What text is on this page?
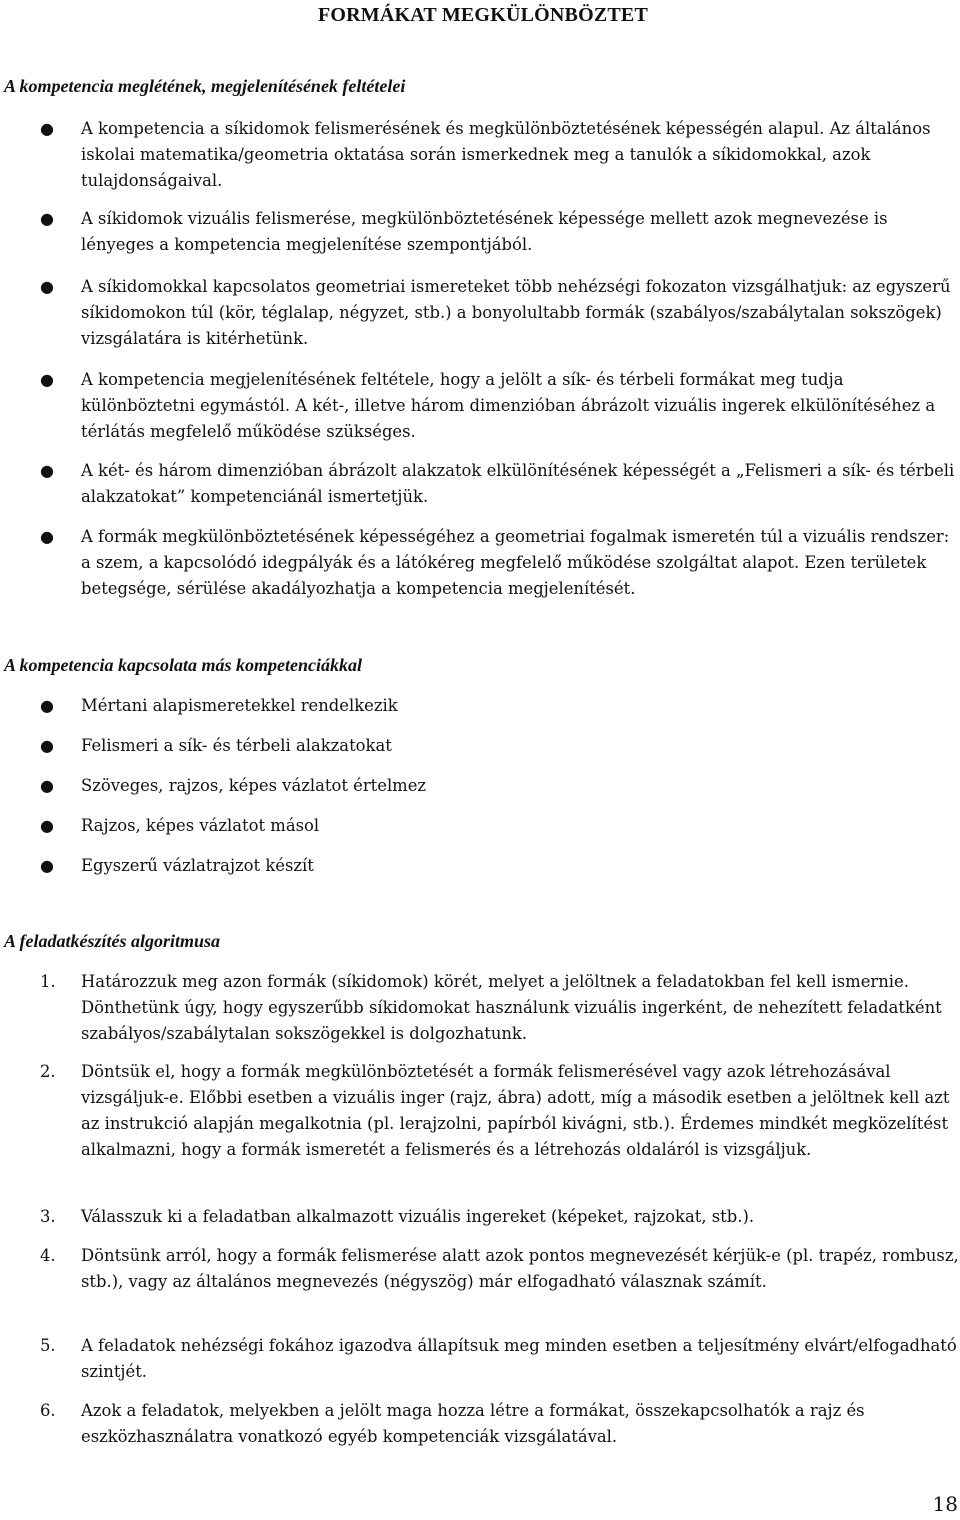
FORMÁKAT MEGKÜLÖNBÖZTET
A kompetencia meglétének, megjelenítésének feltételei
● A kompetencia a síkidomok felismerésének és megkülönböztetésének képességén alapul. Az általános iskolai matematika/geometria oktatása során ismerkednek meg a tanulók a síkidomokkal, azok tulajdonságaival.
● A síkidomok vizuális felismerése, megkülönböztetésének képessége mellett azok megnevezése is lényeges a kompetencia megjelenítése szempontjából.
● A síkidomokkal kapcsolatos geometriai ismereteket több nehézségi fokozaton vizsgálhatjuk: az egyszerű síkidomokon túl (kör, téglalap, négyzet, stb.) a bonyolultabb formák (szabályos/szabálytalan sokszögek) vizsgálatára is kitérhetünk.
● A kompetencia megjelenítésének feltétele, hogy a jelölt a sík- és térbeli formákat meg tudja különböztetni egymástól. A két-, illetve három dimenzióban ábrázolt vizuális ingerek elkülönítéséhez a térlátás megfelelő működése szükséges.
● A két- és három dimenzióban ábrázolt alakzatok elkülönítésének képességét a „Felismeri a sík- és térbeli alakzatokat” kompetenciánál ismertetjük.
● A formák megkülönböztetésének képességéhez a geometriai fogalmak ismeretén túl a vizuális rendszer: a szem, a kapcsolódó idegpályák és a látókéreg megfelelő működése szolgáltat alapot. Ezen területek betegsége, sérülése akadályozhatja a kompetencia megjelenítését.
A kompetencia kapcsolata más kompetenciákkal
● Mértani alapismeretekkel rendelkezik
● Felismeri a sík- és térbeli alakzatokat
● Szöveges, rajzos, képes vázlatot értelmez
● Rajzos, képes vázlatot másol
● Egyszerű vázlatrajzot készít
A feladatkészítés algoritmusa
1. Határozzuk meg azon formák (síkidomok) körét, melyet a jelöltnek a feladatokban fel kell ismernie. Dönthetünk úgy, hogy egyszerűbb síkidomokat használunk vizuális ingerként, de nehezített feladatként szabályos/szabálytalan sokszögekkel is dolgozhatunk.
2. Döntsük el, hogy a formák megkülönböztetését a formák felismerésével vagy azok létrehozásával vizsgáljuk-e. Előbbi esetben a vizuális inger (rajz, ábra) adott, míg a második esetben a jelöltnek kell azt az instrukció alapján megalkotnia (pl. lerajzolni, papírból kivágni, stb.). Érdemes mindkét megközelítést alkalmazni, hogy a formák ismeretét a felismerés és a létrehozás oldaláról is vizsgáljuk.
3. Válasszuk ki a feladatban alkalmazott vizuális ingereket (képeket, rajzokat, stb.).
4. Döntsünk arról, hogy a formák felismerése alatt azok pontos megnevezését kérjük-e (pl. trapéz, rombusz, stb.), vagy az általános megnevezés (négyszög) már elfogadható válasznak számít.
5. A feladatok nehézségi fokához igazodva állapítsuk meg minden esetben a teljesítmény elvárt/elfogadható szintjét.
6. Azok a feladatok, melyekben a jelölt maga hozza létre a formákat, összekapcsolhatók a rajz és eszközhasználatra vonatkozó egyéb kompetenciák vizsgálatával.

18
